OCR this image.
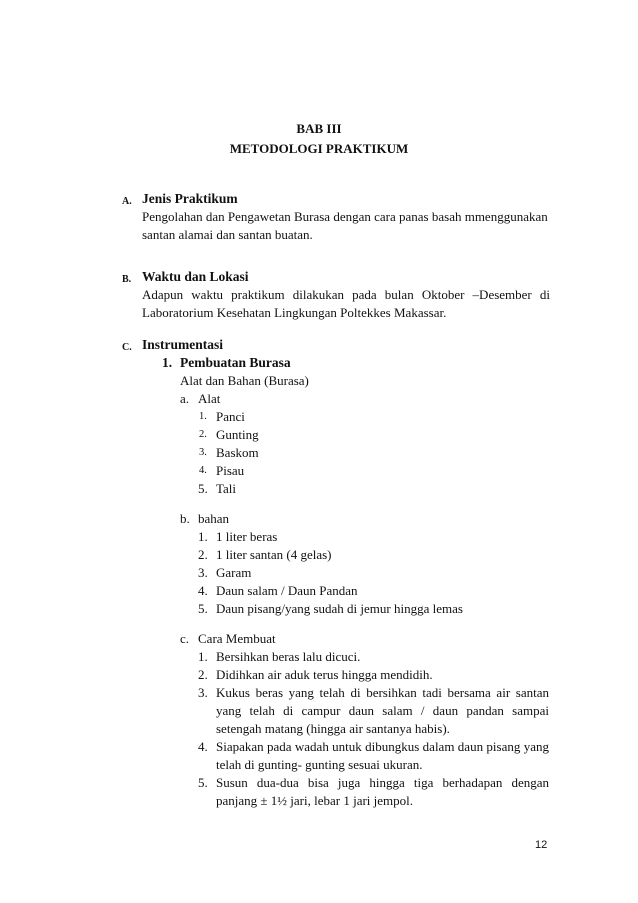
BAB III
METODOLOGI PRAKTIKUM
A. Jenis Praktikum
Pengolahan dan Pengawetan Burasa dengan cara panas basah mmenggunakan
santan alamai dan santan buatan.
B. Waktu dan Lokasi
Adapun waktu praktikum dilakukan pada bulan Oktober –Desember di
Laboratorium Kesehatan Lingkungan Poltekkes Makassar.
C. Instrumentasi
1. Pembuatan Burasa
Alat dan Bahan (Burasa)
a. Alat
1. Panci
2. Gunting
3. Baskom
4. Pisau
5. Tali
b. bahan
1. 1 liter beras
2. 1 liter santan (4 gelas)
3. Garam
4. Daun salam / Daun Pandan
5. Daun pisang/yang sudah di jemur hingga lemas
c. Cara Membuat
1. Bersihkan beras lalu dicuci.
2. Didihkan air aduk terus hingga mendidih.
3. Kukus beras yang telah di bersihkan tadi bersama air santan
yang telah di campur daun salam / daun pandan sampai
setengah matang (hingga air santanya habis).
4. Siapakan pada wadah untuk dibungkus dalam daun pisang yang
telah di gunting- gunting sesuai ukuran.
5. Susun dua-dua bisa juga hingga tiga berhadapan dengan
panjang ± 1½ jari, lebar 1 jari jempol.
12
